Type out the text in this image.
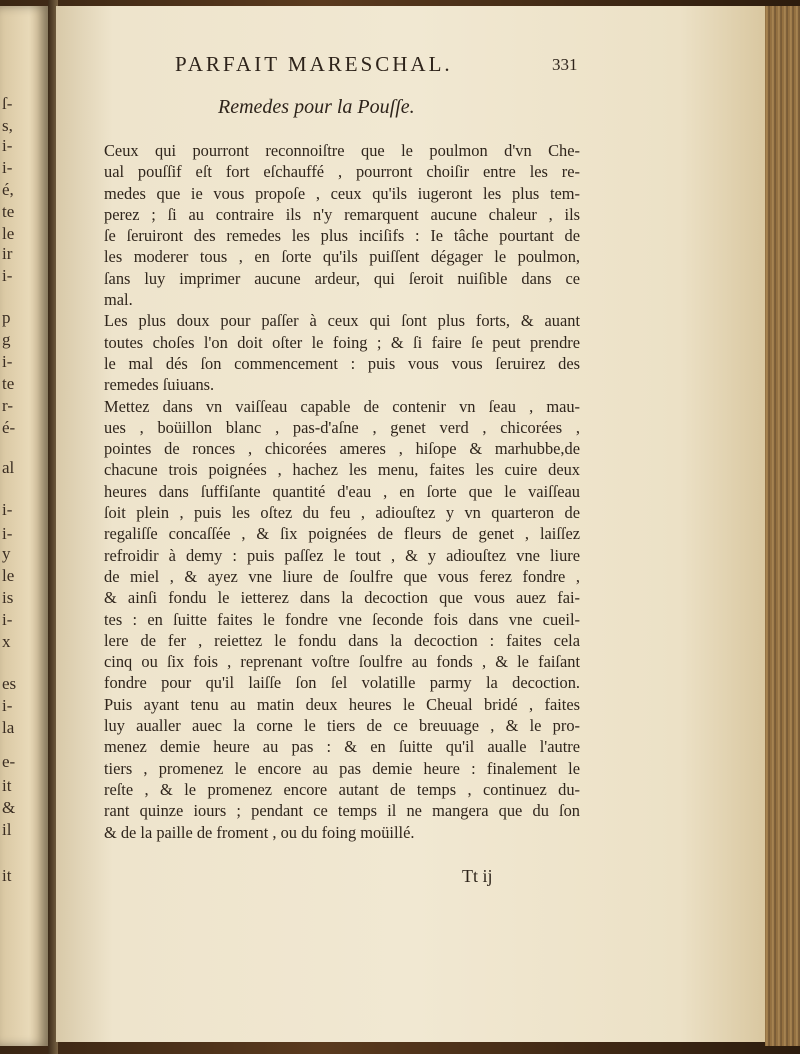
ſ-
s,
i-
i-
é,
te
le
ir
i-
p
g
i-
te
r-
é-
al
i-
i-
y
le
is
i-
x
es
i-
la
e-
it
&
il
it
PARFAIT MARESCHAL.	331
Remedes pour la Pouſſe.
Ceux qui pourront reconnoiſtre que le poulmon d'vn Che-
ual pouſſif eſt fort eſchauffé , pourront choiſir entre les re-
medes que ie vous propoſe , ceux qu'ils iugeront les plus tem-
perez ; ſi au contraire ils n'y remarquent aucune chaleur , ils
ſe ſeruiront des remedes les plus inciſifs : Ie tâche pourtant de
les moderer tous , en ſorte qu'ils puiſſent dégager le poulmon,
ſans luy imprimer aucune ardeur, qui ſeroit nuiſible dans ce
mal.
Les plus doux pour paſſer à ceux qui ſont plus forts, & auant
toutes choſes l'on doit oſter le foing ; & ſi faire ſe peut prendre
le mal dés ſon commencement : puis vous vous ſeruirez des
remedes ſuiuans.
Mettez dans vn vaiſſeau capable de contenir vn ſeau , mau-
ues , boüillon blanc , pas-d'aſne , genet verd , chicorées ,
pointes de ronces , chicorées ameres , hiſope & marhubbe,de
chacune trois poignées , hachez les menu, faites les cuire deux
heures dans ſuffiſante quantité d'eau , en ſorte que le vaiſſeau
ſoit plein , puis les oſtez du feu , adiouſtez y vn quarteron de
regaliſſe concaſſée , & ſix poignées de fleurs de genet , laiſſez
refroidir à demy : puis paſſez le tout , & y adiouſtez vne liure
de miel , & ayez vne liure de ſoulfre que vous ferez fondre ,
& ainſi fondu le ietterez dans la decoction que vous auez fai-
tes : en ſuitte faites le fondre vne ſeconde fois dans vne cueil-
lere de fer , reiettez le fondu dans la decoction : faites cela
cinq ou ſix fois , reprenant voſtre ſoulfre au fonds , & le faiſant
fondre pour qu'il laiſſe ſon ſel volatille parmy la decoction.
Puis ayant tenu au matin deux heures le Cheual bridé , faites
luy aualler auec la corne le tiers de ce breuuage , & le pro-
menez demie heure au pas : & en ſuitte qu'il aualle l'autre
tiers , promenez le encore au pas demie heure : finalement le
reſte , & le promenez encore autant de temps , continuez du-
rant quinze iours ; pendant ce temps il ne mangera que du ſon
& de la paille de froment , ou du foing moüillé.
Tt ij
